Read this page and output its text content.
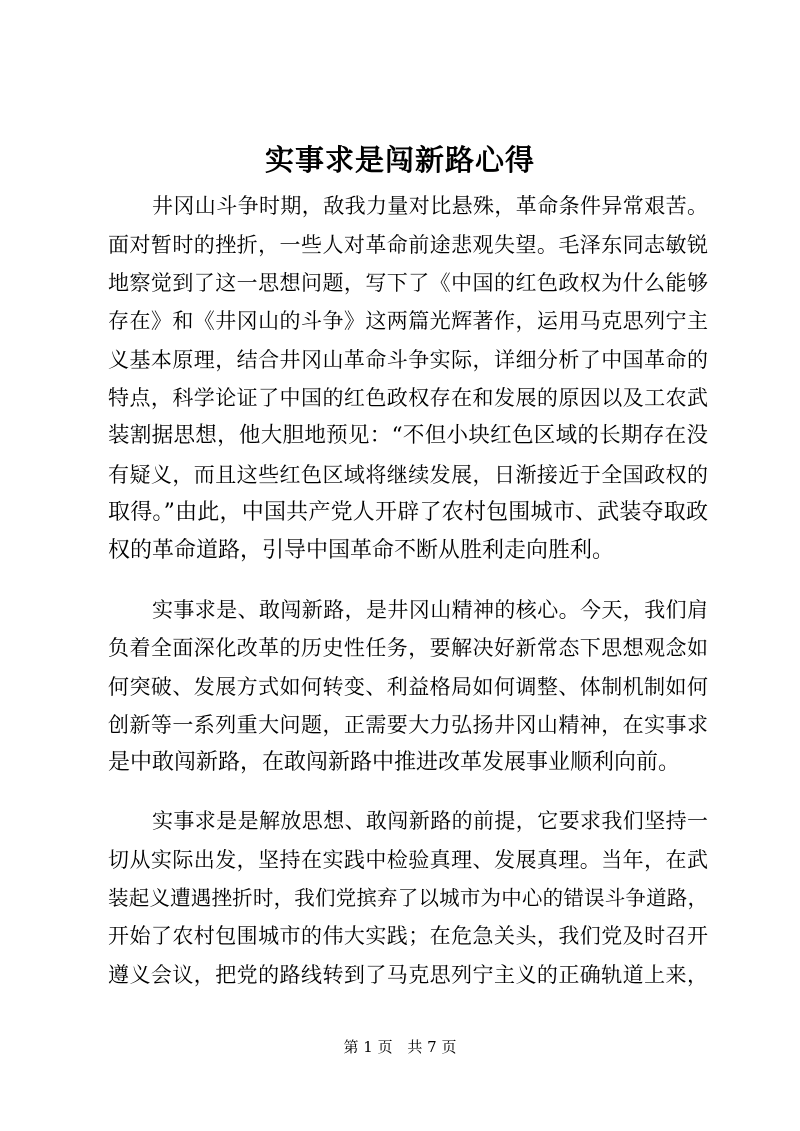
实事求是闯新路心得
井冈山斗争时期，敌我力量对比悬殊，革命条件异常艰苦。
面对暂时的挫折，一些人对革命前途悲观失望。毛泽东同志敏锐
地察觉到了这一思想问题，写下了《中国的红色政权为什么能够
存在》和《井冈山的斗争》这两篇光辉著作，运用马克思列宁主
义基本原理，结合井冈山革命斗争实际，详细分析了中国革命的
特点，科学论证了中国的红色政权存在和发展的原因以及工农武
装割据思想，他大胆地预见：“不但小块红色区域的长期存在没
有疑义，而且这些红色区域将继续发展，日渐接近于全国政权的
取得。”由此，中国共产党人开辟了农村包围城市、武装夺取政
权的革命道路，引导中国革命不断从胜利走向胜利。
实事求是、敢闯新路，是井冈山精神的核心。今天，我们肩
负着全面深化改革的历史性任务，要解决好新常态下思想观念如
何突破、发展方式如何转变、利益格局如何调整、体制机制如何
创新等一系列重大问题，正需要大力弘扬井冈山精神，在实事求
是中敢闯新路，在敢闯新路中推进改革发展事业顺利向前。
实事求是是解放思想、敢闯新路的前提，它要求我们坚持一
切从实际出发，坚持在实践中检验真理、发展真理。当年，在武
装起义遭遇挫折时，我们党摈弃了以城市为中心的错误斗争道路，
开始了农村包围城市的伟大实践；在危急关头，我们党及时召开
遵义会议，把党的路线转到了马克思列宁主义的正确轨道上来，
第 1 页 共 7 页
